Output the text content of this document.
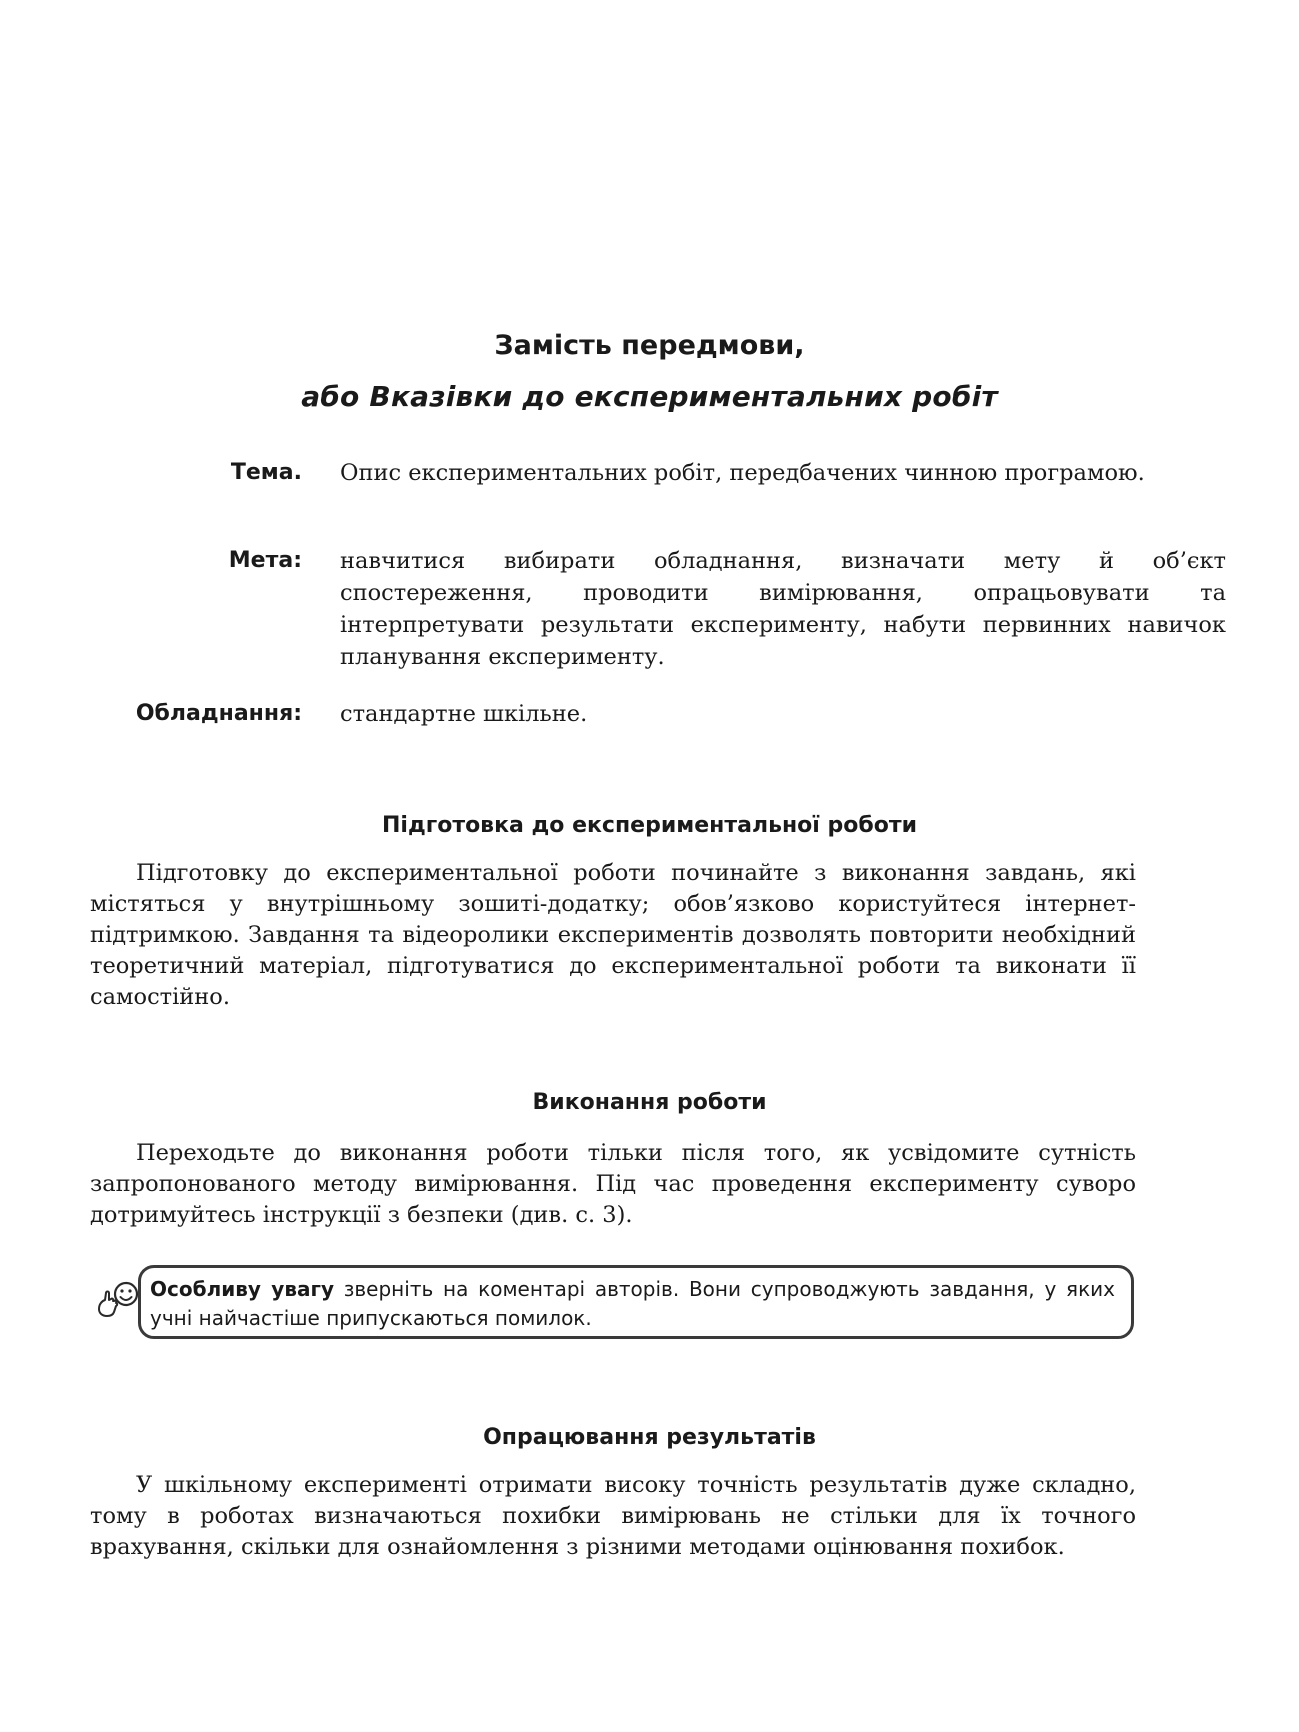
Замість передмови,
або Вказівки до експериментальних робіт
Тема. Опис експериментальних робіт, передбачених чинною програмою.

Мета: навчитися вибирати обладнання, визначати мету й об’єкт спостереження, проводити вимірювання, опрацьовувати та інтерпретувати результати експерименту, набути первинних навичок планування експерименту.

Обладнання: стандартне шкільне.

Підготовка до експериментальної роботи

Підготовку до експериментальної роботи починайте з виконання завдань, які містяться у внутрішньому зошиті-додатку; обов’язково користуйтеся інтернет-підтримкою. Завдання та відеоролики експериментів дозволять повторити необхідний теоретичний матеріал, підготуватися до експериментальної роботи та виконати її самостійно.

Виконання роботи

Переходьте до виконання роботи тільки після того, як усвідомите сутність запропонованого методу вимірювання. Під час проведення експерименту суворо дотримуйтесь інструкції з безпеки (див. с. 3).

Особливу увагу зверніть на коментарі авторів. Вони супроводжують завдання, у яких учні найчастіше припускаються помилок.

Опрацювання результатів

У шкільному експерименті отримати високу точність результатів дуже складно, тому в роботах визначаються похибки вимірювань не стільки для їх точного врахування, скільки для ознайомлення з різними методами оцінювання похибок.
